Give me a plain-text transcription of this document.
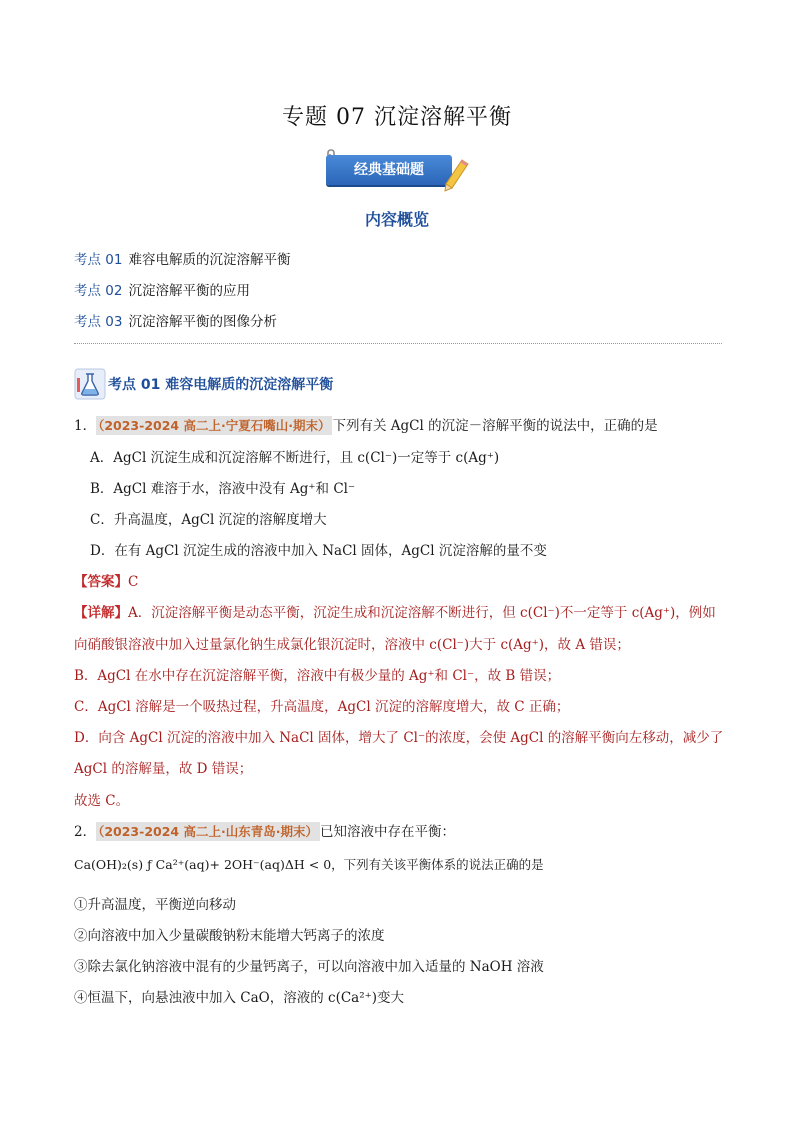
专题 07 沉淀溶解平衡
经典基础题
内容概览
考点 01 难容电解质的沉淀溶解平衡
考点 02 沉淀溶解平衡的应用
考点 03 沉淀溶解平衡的图像分析
考点 01 难容电解质的沉淀溶解平衡
1． （2023-2024 高二上·宁夏石嘴山·期末） 下列有关 AgCl 的沉淀－溶解平衡的说法中，正确的是
A．AgCl 沉淀生成和沉淀溶解不断进行，且 c(Cl⁻)一定等于 c(Ag⁺)
B．AgCl 难溶于水，溶液中没有 Ag⁺和 Cl⁻
C．升高温度，AgCl 沉淀的溶解度增大
D．在有 AgCl 沉淀生成的溶液中加入 NaCl 固体，AgCl 沉淀溶解的量不变
【答案】C
【详解】A．沉淀溶解平衡是动态平衡，沉淀生成和沉淀溶解不断进行，但 c(Cl⁻)不一定等于 c(Ag⁺)，例如
向硝酸银溶液中加入过量氯化钠生成氯化银沉淀时，溶液中 c(Cl⁻)大于 c(Ag⁺)，故 A 错误；
B．AgCl 在水中存在沉淀溶解平衡，溶液中有极少量的 Ag⁺和 Cl⁻，故 B 错误；
C．AgCl 溶解是一个吸热过程，升高温度，AgCl 沉淀的溶解度增大，故 C 正确；
D．向含 AgCl 沉淀的溶液中加入 NaCl 固体，增大了 Cl⁻的浓度，会使 AgCl 的溶解平衡向左移动，减少了
AgCl 的溶解量，故 D 错误；
故选 C。
2． （2023-2024 高二上·山东青岛·期末） 已知溶液中存在平衡：
Ca(OH)₂(s) ƒ Ca²⁺(aq)+ 2OH⁻(aq)ΔH < 0，下列有关该平衡体系的说法正确的是
①升高温度，平衡逆向移动
②向溶液中加入少量碳酸钠粉末能增大钙离子的浓度
③除去氯化钠溶液中混有的少量钙离子，可以向溶液中加入适量的 NaOH 溶液
④恒温下，向悬浊液中加入 CaO，溶液的 c(Ca²⁺)变大
